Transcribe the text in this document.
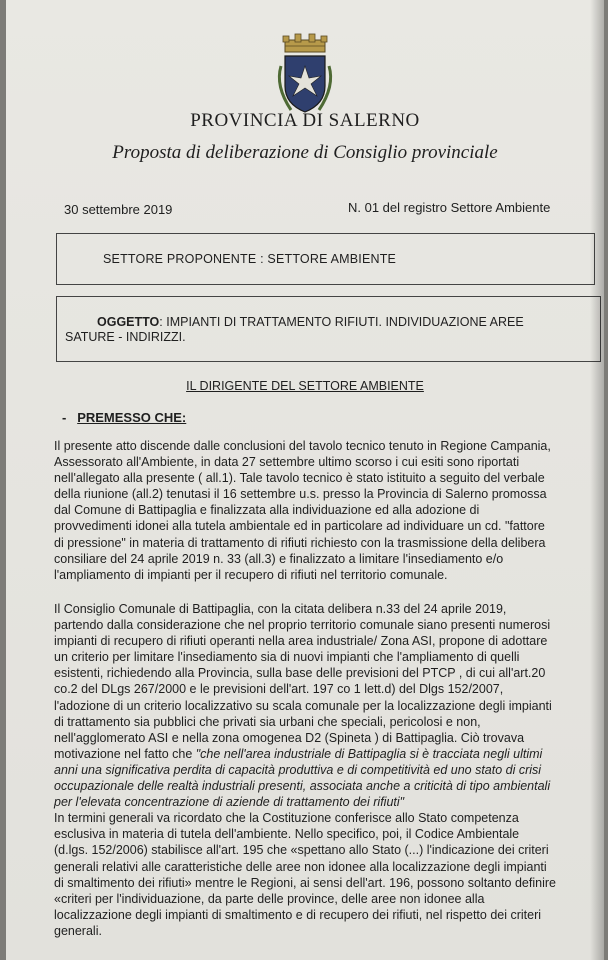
PROVINCIA DI SALERNO
Proposta di deliberazione di Consiglio provinciale
30 settembre 2019	N. 01 del registro Settore Ambiente
SETTORE PROPONENTE : SETTORE AMBIENTE
OGGETTO: IMPIANTI DI TRATTAMENTO RIFIUTI. INDIVIDUAZIONE AREE
SATURE - INDIRIZZI.
IL DIRIGENTE DEL SETTORE AMBIENTE
- PREMESSO CHE:
Il presente atto discende dalle conclusioni del tavolo tecnico tenuto in Regione Campania,
Assessorato all'Ambiente, in data 27 settembre ultimo scorso i cui esiti sono riportati
nell'allegato alla presente ( all.1). Tale tavolo tecnico è stato istituito a seguito del verbale
della riunione (all.2) tenutasi il 16 settembre u.s. presso la Provincia di Salerno promossa
dal Comune di Battipaglia e finalizzata alla individuazione ed alla adozione di
provvedimenti idonei alla tutela ambientale ed in particolare ad individuare un cd. "fattore
di pressione" in materia di trattamento di rifiuti richiesto con la trasmissione della delibera
consiliare del 24 aprile 2019 n. 33 (all.3) e finalizzato a limitare l'insediamento e/o
l'ampliamento di impianti per il recupero di rifiuti nel territorio comunale.
Il Consiglio Comunale di Battipaglia, con la citata delibera n.33 del 24 aprile 2019,
partendo dalla considerazione che nel proprio territorio comunale siano presenti numerosi
impianti di recupero di rifiuti operanti nella area industriale/ Zona ASI, propone di adottare
un criterio per limitare l'insediamento sia di nuovi impianti che l'ampliamento di quelli
esistenti, richiedendo alla Provincia, sulla base delle previsioni del PTCP , di cui all'art.20
co.2 del DLgs 267/2000 e le previsioni dell'art. 197 co 1 lett.d) del Dlgs 152/2007,
l'adozione di un criterio localizzativo su scala comunale per la localizzazione degli impianti
di trattamento sia pubblici che privati sia urbani che speciali, pericolosi e non,
nell'agglomerato ASI e nella zona omogenea D2 (Spineta ) di Battipaglia. Ciò trovava
motivazione nel fatto che "che nell'area industriale di Battipaglia si è tracciata negli ultimi
anni una significativa perdita di capacità produttiva e di competitività ed uno stato di crisi
occupazionale delle realtà industriali presenti, associata anche a criticità di tipo ambientali
per l'elevata concentrazione di aziende di trattamento dei rifiuti"
In termini generali va ricordato che la Costituzione conferisce allo Stato competenza
esclusiva in materia di tutela dell'ambiente. Nello specifico, poi, il Codice Ambientale
(d.lgs. 152/2006) stabilisce all'art. 195 che «spettano allo Stato (...) l'indicazione dei criteri
generali relativi alle caratteristiche delle aree non idonee alla localizzazione degli impianti
di smaltimento dei rifiuti» mentre le Regioni, ai sensi dell'art. 196, possono soltanto definire
«criteri per l'individuazione, da parte delle province, delle aree non idonee alla
localizzazione degli impianti di smaltimento e di recupero dei rifiuti, nel rispetto dei criteri
generali.
